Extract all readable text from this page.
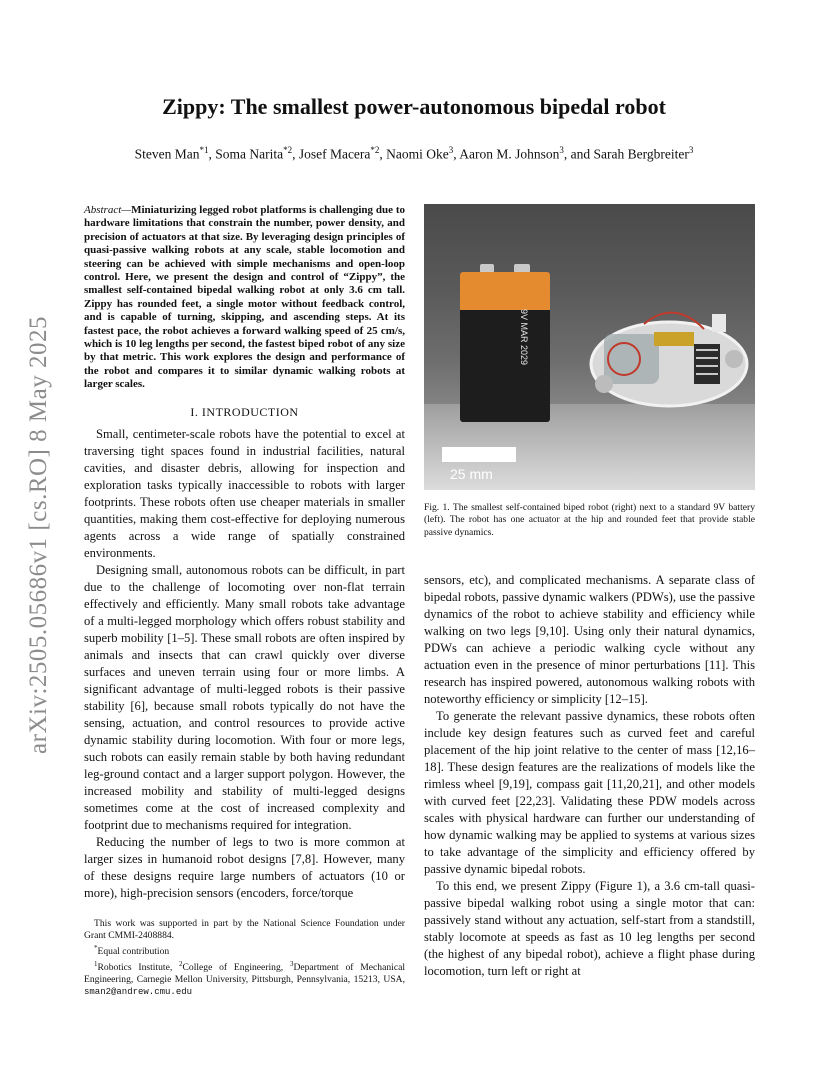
arXiv:2505.05686v1 [cs.RO] 8 May 2025
Zippy: The smallest power-autonomous bipedal robot
Steven Man$^{*1}$, Soma Narita$^{*2}$, Josef Macera$^{*2}$, Naomi Oke$^3$, Aaron M. Johnson$^3$, and Sarah Bergbreiter$^3$

Abstract—Miniaturizing legged robot platforms is challenging due to hardware limitations that constrain the number, power density, and precision of actuators at that size. By leveraging design principles of quasi-passive walking robots at any scale, stable locomotion and steering can be achieved with simple mechanisms and open-loop control. Here, we present the design and control of “Zippy”, the smallest self-contained bipedal walking robot at only 3.6 cm tall. Zippy has rounded feet, a single motor without feedback control, and is capable of turning, skipping, and ascending steps. At its fastest pace, the robot achieves a forward walking speed of 25 cm/s, which is 10 leg lengths per second, the fastest biped robot of any size by that metric. This work explores the design and performance of the robot and compares it to similar dynamic walking robots at larger scales.

I. INTRODUCTION

Small, centimeter-scale robots have the potential to excel at traversing tight spaces found in industrial facilities, natural cavities, and disaster debris, allowing for inspection and exploration tasks typically inaccessible to robots with larger footprints. These robots often use cheaper materials in smaller quantities, making them cost-effective for deploying numerous agents across a wide range of spatially constrained environments.

Designing small, autonomous robots can be difficult, in part due to the challenge of locomoting over non-flat terrain effectively and efficiently. Many small robots take advantage of a multi-legged morphology which offers robust stability and superb mobility [1–5]. These small robots are often inspired by animals and insects that can crawl quickly over diverse surfaces and uneven terrain using four or more limbs. A significant advantage of multi-legged robots is their passive stability [6], because small robots typically do not have the sensing, actuation, and control resources to provide active dynamic stability during locomotion. With four or more legs, such robots can easily remain stable by both having redundant leg-ground contact and a larger support polygon. However, the increased mobility and stability of multi-legged designs sometimes come at the cost of increased complexity and footprint due to mechanisms required for integration.

Reducing the number of legs to two is more common at larger sizes in humanoid robot designs [7,8]. However, many of these designs require large numbers of actuators (10 or more), high-precision sensors (encoders, force/torque

9V MAR 2029
25 mm

Fig. 1. The smallest self-contained biped robot (right) next to a standard 9V battery (left). The robot has one actuator at the hip and rounded feet that provide stable passive dynamics.

sensors, etc), and complicated mechanisms. A separate class of bipedal robots, passive dynamic walkers (PDWs), use the passive dynamics of the robot to achieve stability and efficiency while walking on two legs [9,10]. Using only their natural dynamics, PDWs can achieve a periodic walking cycle without any actuation even in the presence of minor perturbations [11]. This research has inspired powered, autonomous walking robots with noteworthy efficiency or simplicity [12–15].

To generate the relevant passive dynamics, these robots often include key design features such as curved feet and careful placement of the hip joint relative to the center of mass [12,16–18]. These design features are the realizations of models like the rimless wheel [9,19], compass gait [11,20,21], and other models with curved feet [22,23]. Validating these PDW models across scales with physical hardware can further our understanding of how dynamic walking may be applied to systems at various sizes to take advantage of the simplicity and efficiency offered by passive dynamic bipedal robots.

To this end, we present Zippy (Figure 1), a 3.6 cm-tall quasi-passive bipedal walking robot using a single motor that can: passively stand without any actuation, self-start from a standstill, stably locomote at speeds as fast as 10 leg lengths per second (the highest of any bipedal robot), achieve a flight phase during locomotion, turn left or right at

This work was supported in part by the National Science Foundation under Grant CMMI-2408884.

*Equal contribution

$^1$Robotics Institute, $^2$College of Engineering, $^3$Department of Mechanical Engineering, Carnegie Mellon University, Pittsburgh, Pennsylvania, 15213, USA, sman2@andrew.cmu.edu
